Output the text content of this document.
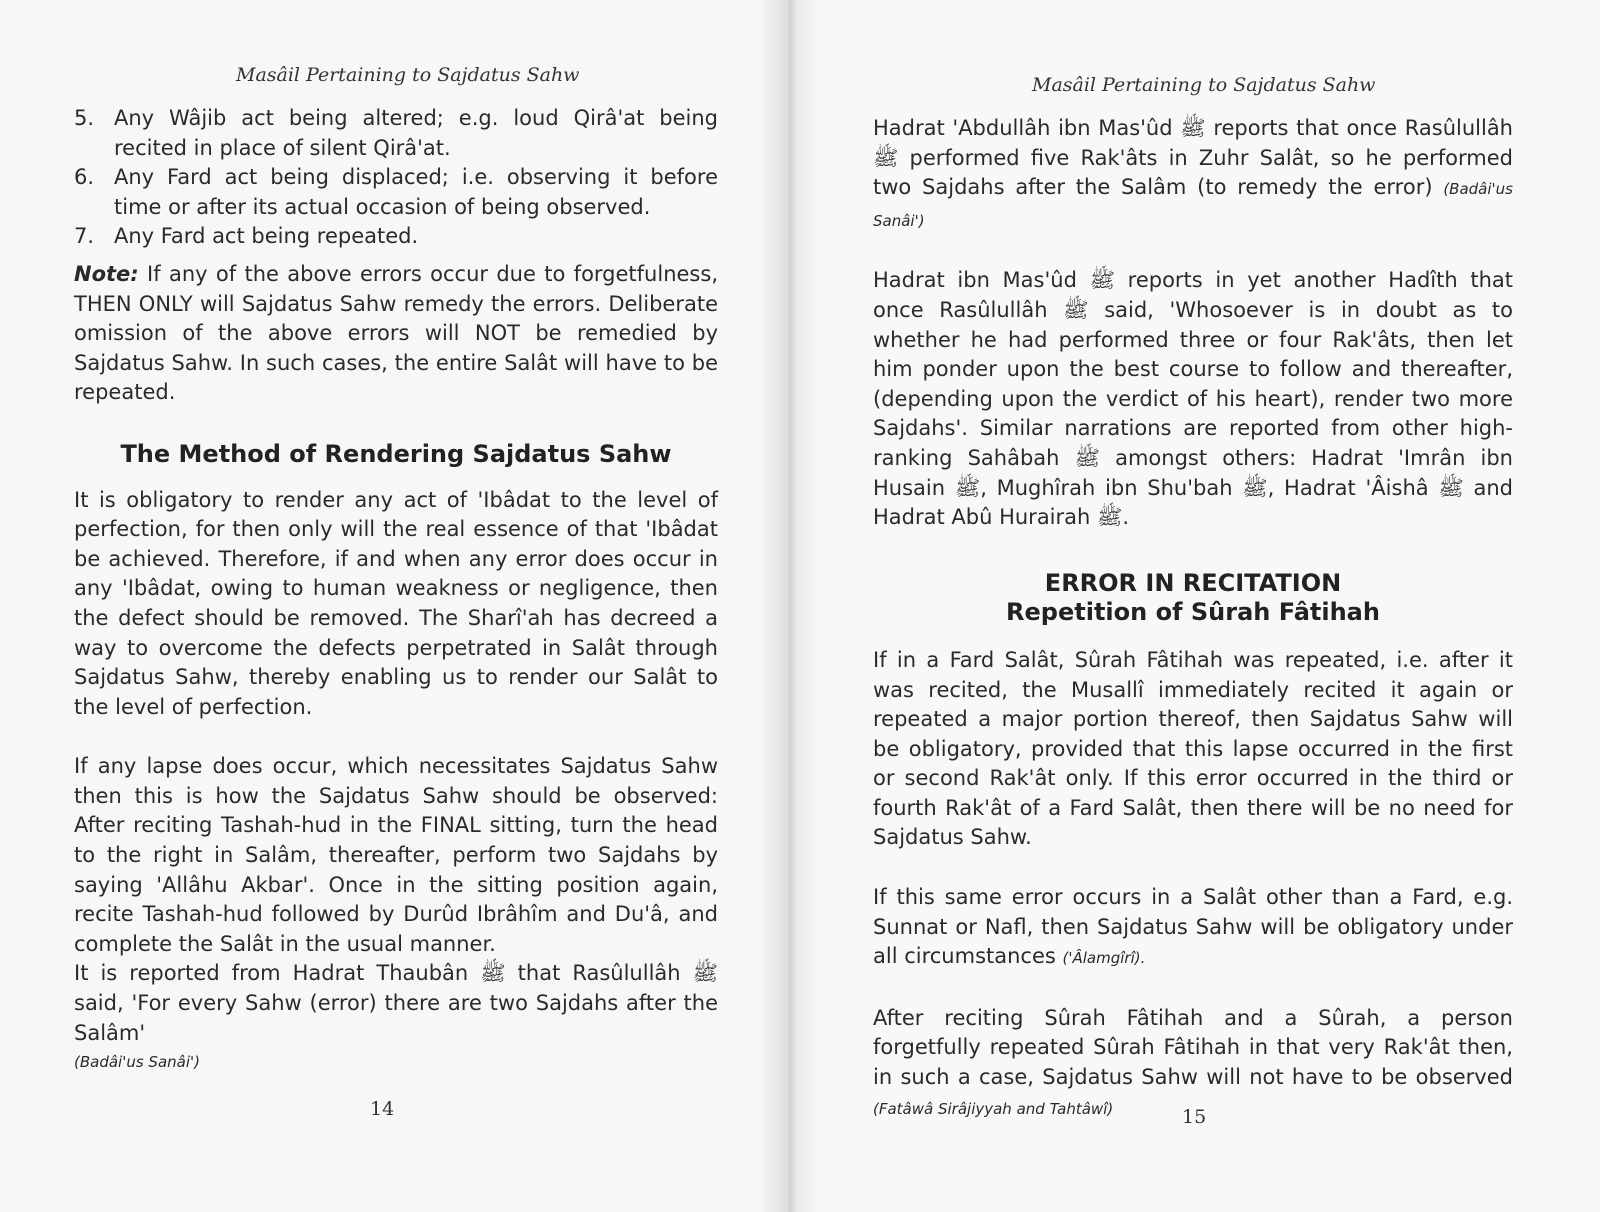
Masâil Pertaining to Sajdatus Sahw
5. Any Wâjib act being altered; e.g. loud Qirâ'at being recited in place of silent Qirâ'at.
6. Any Fard act being displaced; i.e. observing it before time or after its actual occasion of being observed.
7. Any Fard act being repeated.

Note: If any of the above errors occur due to forgetfulness, THEN ONLY will Sajdatus Sahw remedy the errors. Deliberate omission of the above errors will NOT be remedied by Sajdatus Sahw. In such cases, the entire Salât will have to be repeated.

The Method of Rendering Sajdatus Sahw

It is obligatory to render any act of 'Ibâdat to the level of perfection, for then only will the real essence of that 'Ibâdat be achieved. Therefore, if and when any error does occur in any 'Ibâdat, owing to human weakness or negligence, then the defect should be removed. The Sharî'ah has decreed a way to overcome the defects perpetrated in Salât through Sajdatus Sahw, thereby enabling us to render our Salât to the level of perfection.

If any lapse does occur, which necessitates Sajdatus Sahw then this is how the Sajdatus Sahw should be observed: After reciting Tashah-hud in the FINAL sitting, turn the head to the right in Salâm, thereafter, perform two Sajdahs by saying 'Allâhu Akbar'. Once in the sitting position again, recite Tashah-hud followed by Durûd Ibrâhîm and Du'â, and complete the Salât in the usual manner.

It is reported from Hadrat Thaubân ﷺ that Rasûlullâh ﷺ said, 'For every Sahw (error) there are two Sajdahs after the Salâm'

(Badâi'us Sanâi')

14
Masâil Pertaining to Sajdatus Sahw

Hadrat 'Abdullâh ibn Mas'ûd ﷺ reports that once Rasûlullâh ﷺ performed five Rak'âts in Zuhr Salât, so he performed two Sajdahs after the Salâm (to remedy the error) (Badâi'us Sanâi')

Hadrat ibn Mas'ûd ﷺ reports in yet another Hadîth that once Rasûlullâh ﷺ said, 'Whosoever is in doubt as to whether he had performed three or four Rak'âts, then let him ponder upon the best course to follow and thereafter, (depending upon the verdict of his heart), render two more Sajdahs'. Similar narrations are reported from other high-ranking Sahâbah ﷺ amongst others: Hadrat 'Imrân ibn Husain ﷺ, Mughîrah ibn Shu'bah ﷺ, Hadrat 'Âishâ ﷺ and Hadrat Abû Hurairah ﷺ.

ERROR IN RECITATION
Repetition of Sûrah Fâtihah

If in a Fard Salât, Sûrah Fâtihah was repeated, i.e. after it was recited, the Musallî immediately recited it again or repeated a major portion thereof, then Sajdatus Sahw will be obligatory, provided that this lapse occurred in the first or second Rak'ât only. If this error occurred in the third or fourth Rak'ât of a Fard Salât, then there will be no need for Sajdatus Sahw.

If this same error occurs in a Salât other than a Fard, e.g. Sunnat or Nafl, then Sajdatus Sahw will be obligatory under all circumstances ('Âlamgîrî).

After reciting Sûrah Fâtihah and a Sûrah, a person forgetfully repeated Sûrah Fâtihah in that very Rak'ât then, in such a case, Sajdatus Sahw will not have to be observed (Fatâwâ Sirâjiyyah and Tahtâwî)	15
